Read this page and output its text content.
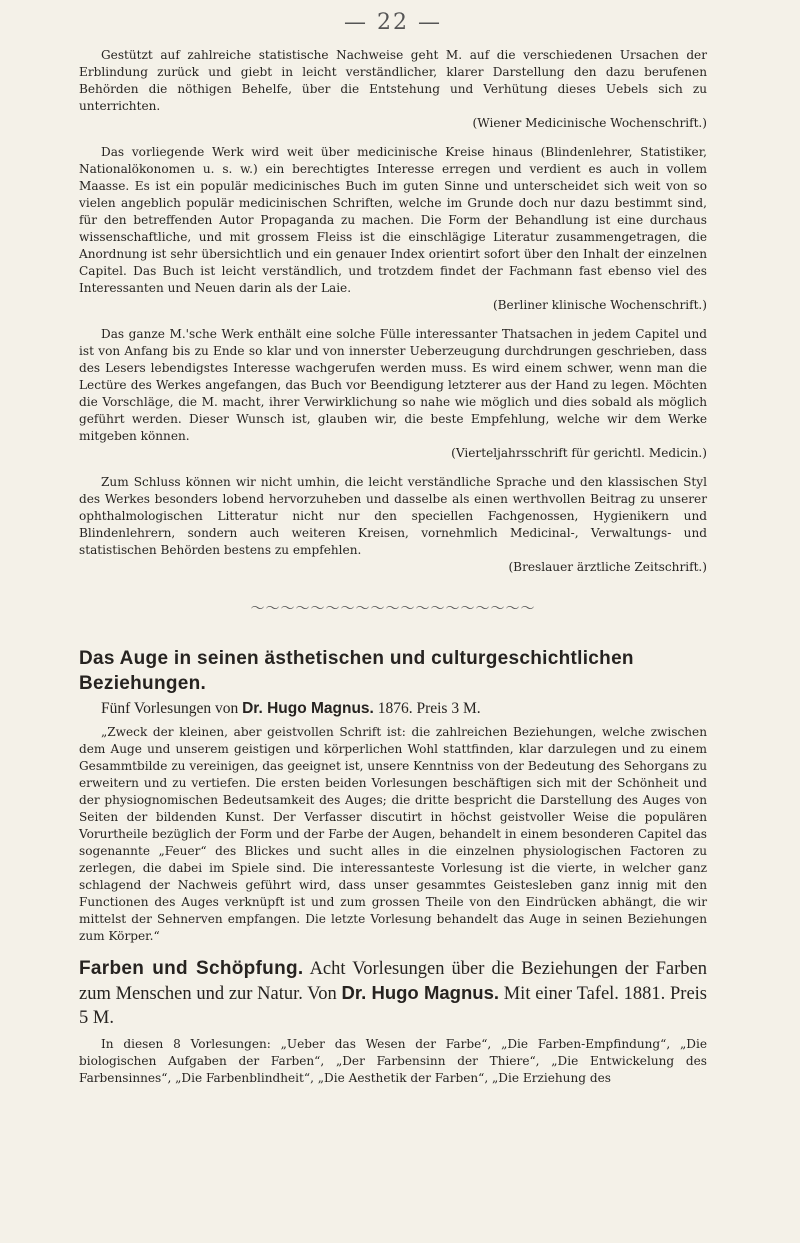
— 22 —

Gestützt auf zahlreiche statistische Nachweise geht M. auf die verschiedenen Ursachen der Erblindung zurück und giebt in leicht verständlicher, klarer Darstellung den dazu berufenen Behörden die nöthigen Behelfe, über die Entstehung und Verhütung dieses Uebels sich zu unterrichten.
(Wiener Medicinische Wochenschrift.)

Das vorliegende Werk wird weit über medicinische Kreise hinaus (Blindenlehrer, Statistiker, Nationalökonomen u. s. w.) ein berechtigtes Interesse erregen und verdient es auch in vollem Maasse. Es ist ein populär medicinisches Buch im guten Sinne und unterscheidet sich weit von so vielen angeblich populär medicinischen Schriften, welche im Grunde doch nur dazu bestimmt sind, für den betreffenden Autor Propaganda zu machen. Die Form der Behandlung ist eine durchaus wissenschaftliche, und mit grossem Fleiss ist die einschlägige Literatur zusammengetragen, die Anordnung ist sehr übersichtlich und ein genauer Index orientirt sofort über den Inhalt der einzelnen Capitel. Das Buch ist leicht verständlich, und trotzdem findet der Fachmann fast ebenso viel des Interessanten und Neuen darin als der Laie.
(Berliner klinische Wochenschrift.)

Das ganze M.'sche Werk enthält eine solche Fülle interessanter Thatsachen in jedem Capitel und ist von Anfang bis zu Ende so klar und von innerster Ueberzeugung durchdrungen geschrieben, dass des Lesers lebendigstes Interesse wachgerufen werden muss. Es wird einem schwer, wenn man die Lectüre des Werkes angefangen, das Buch vor Beendigung letzterer aus der Hand zu legen. Möchten die Vorschläge, die M. macht, ihrer Verwirklichung so nahe wie möglich und dies sobald als möglich geführt werden. Dieser Wunsch ist, glauben wir, die beste Empfehlung, welche wir dem Werke mitgeben können.
(Vierteljahrsschrift für gerichtl. Medicin.)

Zum Schluss können wir nicht umhin, die leicht verständliche Sprache und den klassischen Styl des Werkes besonders lobend hervorzuheben und dasselbe als einen werthvollen Beitrag zu unserer ophthalmologischen Litteratur nicht nur den speciellen Fachgenossen, Hygienikern und Blindenlehrern, sondern auch weiteren Kreisen, vornehmlich Medicinal-, Verwaltungs- und statistischen Behörden bestens zu empfehlen.
(Breslauer ärztliche Zeitschrift.)

〜〜〜〜〜〜〜〜〜〜〜〜〜〜〜〜〜〜〜
Das Auge in seinen ästhetischen und culturgeschichtlichen Beziehungen.
Fünf Vorlesungen von Dr. Hugo Magnus. 1876. Preis 3 M.

„Zweck der kleinen, aber geistvollen Schrift ist: die zahlreichen Beziehungen, welche zwischen dem Auge und unserem geistigen und körperlichen Wohl stattfinden, klar darzulegen und zu einem Gesammtbilde zu vereinigen, das geeignet ist, unsere Kenntniss von der Bedeutung des Sehorgans zu erweitern und zu vertiefen. Die ersten beiden Vorlesungen beschäftigen sich mit der Schönheit und der physiognomischen Bedeutsamkeit des Auges; die dritte bespricht die Darstellung des Auges von Seiten der bildenden Kunst. Der Verfasser discutirt in höchst geistvoller Weise die populären Vorurtheile bezüglich der Form und der Farbe der Augen, behandelt in einem besonderen Capitel das sogenannte „Feuer“ des Blickes und sucht alles in die einzelnen physiologischen Factoren zu zerlegen, die dabei im Spiele sind. Die interessanteste Vorlesung ist die vierte, in welcher ganz schlagend der Nachweis geführt wird, dass unser gesammtes Geistesleben ganz innig mit den Functionen des Auges verknüpft ist und zum grossen Theile von den Eindrücken abhängt, die wir mittelst der Sehnerven empfangen. Die letzte Vorlesung behandelt das Auge in seinen Beziehungen zum Körper.“

Farben und Schöpfung. Acht Vorlesungen über die Beziehungen der Farben zum Menschen und zur Natur. Von Dr. Hugo Magnus. Mit einer Tafel. 1881. Preis 5 M.

In diesen 8 Vorlesungen: „Ueber das Wesen der Farbe“, „Die Farben-Empfindung“, „Die biologischen Aufgaben der Farben“, „Der Farbensinn der Thiere“, „Die Entwickelung des Farbensinnes“, „Die Farbenblindheit“, „Die Aesthetik der Farben“, „Die Erziehung des
